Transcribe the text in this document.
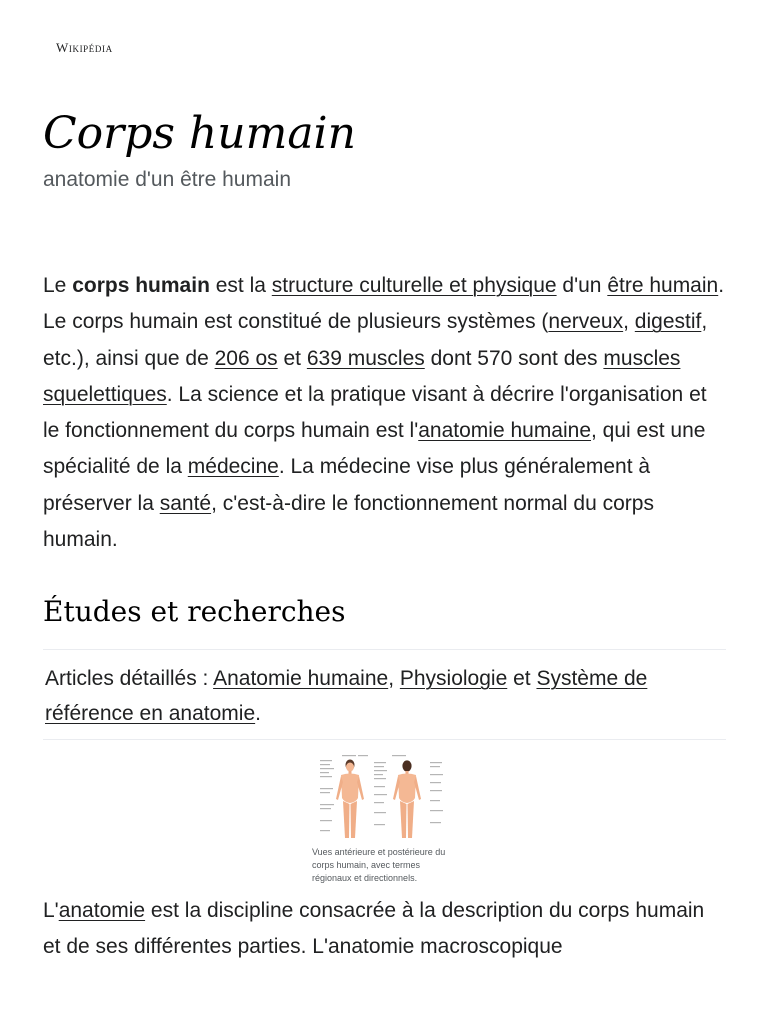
Wikipédia
Corps humain

anatomie d'un être humain

Le corps humain est la structure culturelle et physique d'un être humain. Le corps humain est constitué de plusieurs systèmes (nerveux, digestif, etc.), ainsi que de 206 os et 639 muscles dont 570 sont des muscles squelettiques. La science et la pratique visant à décrire l'organisation et le fonctionnement du corps humain est l'anatomie humaine, qui est une spécialité de la médecine. La médecine vise plus généralement à préserver la santé, c'est-à-dire le fonctionnement normal du corps humain.

Études et recherches

Articles détaillés : Anatomie humaine, Physiologie et Système de référence en anatomie.

Vues antérieure et postérieure du corps humain, avec termes régionaux et directionnels.

L'anatomie est la discipline consacrée à la description du corps humain et de ses différentes parties. L'anatomie macroscopique
